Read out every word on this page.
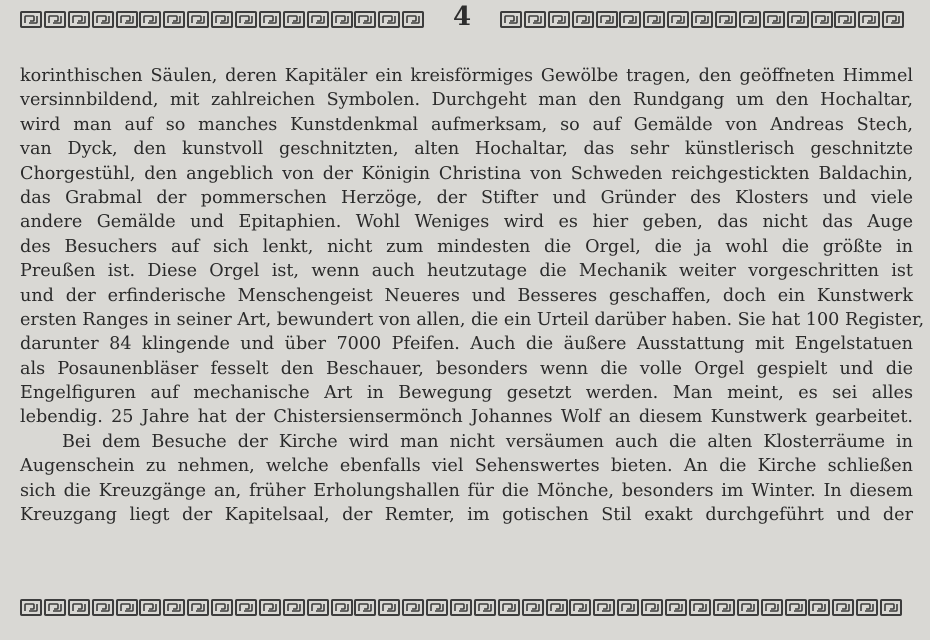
4
korinthischen Säulen, deren Kapitäler ein kreisförmiges Gewölbe tragen, den geöffneten Himmel
versinnbildend, mit zahlreichen Symbolen. Durchgeht man den Rundgang um den Hochaltar,
wird man auf so manches Kunstdenkmal aufmerksam, so auf Gemälde von Andreas Stech,
van Dyck, den kunstvoll geschnitzten, alten Hochaltar, das sehr künstlerisch geschnitzte
Chorgestühl, den angeblich von der Königin Christina von Schweden reichgestickten Baldachin,
das Grabmal der pommerschen Herzöge, der Stifter und Gründer des Klosters und viele
andere Gemälde und Epitaphien. Wohl Weniges wird es hier geben, das nicht das Auge
des Besuchers auf sich lenkt, nicht zum mindesten die Orgel, die ja wohl die größte in
Preußen ist. Diese Orgel ist, wenn auch heutzutage die Mechanik weiter vorgeschritten ist
und der erfinderische Menschengeist Neueres und Besseres geschaffen, doch ein Kunstwerk
ersten Ranges in seiner Art, bewundert von allen, die ein Urteil darüber haben. Sie hat 100 Register,
darunter 84 klingende und über 7000 Pfeifen. Auch die äußere Ausstattung mit Engelstatuen
als Posaunenbläser fesselt den Beschauer, besonders wenn die volle Orgel gespielt und die
Engelfiguren auf mechanische Art in Bewegung gesetzt werden. Man meint, es sei alles
lebendig. 25 Jahre hat der Chistersiensermönch Johannes Wolf an diesem Kunstwerk gearbeitet.
Bei dem Besuche der Kirche wird man nicht versäumen auch die alten Klosterräume in
Augenschein zu nehmen, welche ebenfalls viel Sehenswertes bieten. An die Kirche schließen
sich die Kreuzgänge an, früher Erholungshallen für die Mönche, besonders im Winter. In diesem
Kreuzgang liegt der Kapitelsaal, der Remter, im gotischen Stil exakt durchgeführt und der
